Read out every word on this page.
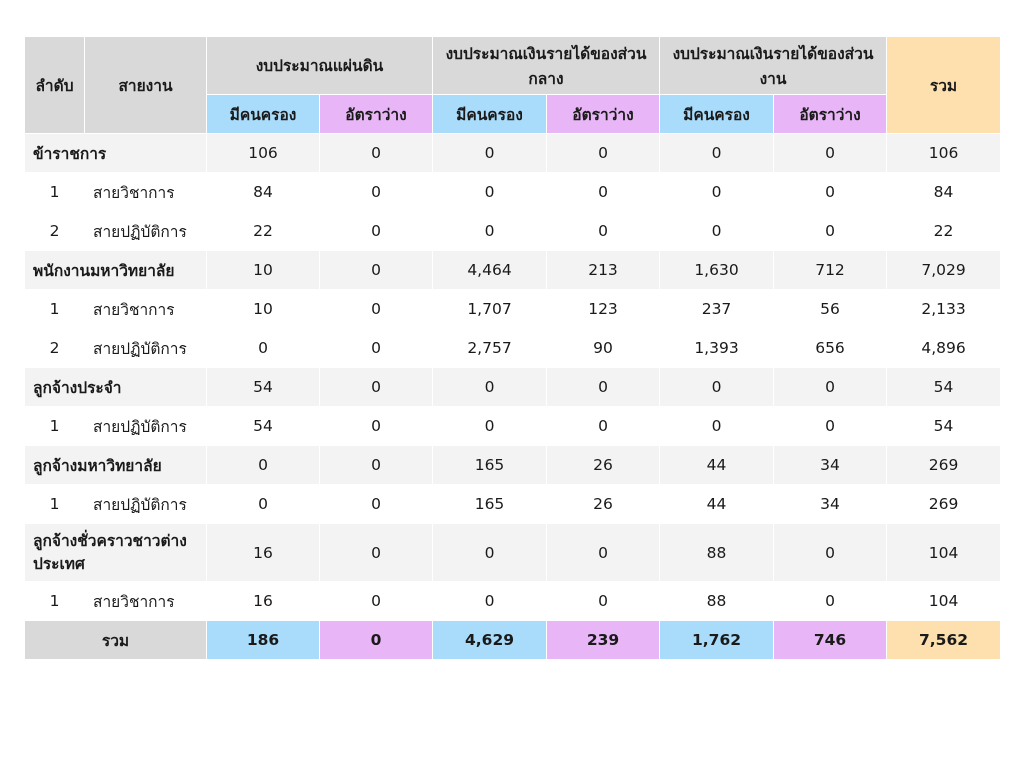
ลำดับ	สายงาน	งบประมาณแผ่นดิน		งบประมาณเงินรายได้ของส่วนกลาง		งบประมาณเงินรายได้ของส่วนงาน		รวม
		มีคนครอง	อัตราว่าง	มีคนครอง	อัตราว่าง	มีคนครอง	อัตราว่าง	
ข้าราชการ		106	0	0	0	0	0	106
1	สายวิชาการ	84	0	0	0	0	0	84
2	สายปฏิบัติการ	22	0	0	0	0	0	22
พนักงานมหาวิทยาลัย		10	0	4,464	213	1,630	712	7,029
1	สายวิชาการ	10	0	1,707	123	237	56	2,133
2	สายปฏิบัติการ	0	0	2,757	90	1,393	656	4,896
ลูกจ้างประจำ		54	0	0	0	0	0	54
1	สายปฏิบัติการ	54	0	0	0	0	0	54
ลูกจ้างมหาวิทยาลัย		0	0	165	26	44	34	269
1	สายปฏิบัติการ	0	0	165	26	44	34	269
ลูกจ้างชั่วคราวชาวต่างประเทศ		16	0	0	0	88	0	104
1	สายวิชาการ	16	0	0	0	88	0	104
รวม		186	0	4,629	239	1,762	746	7,562
